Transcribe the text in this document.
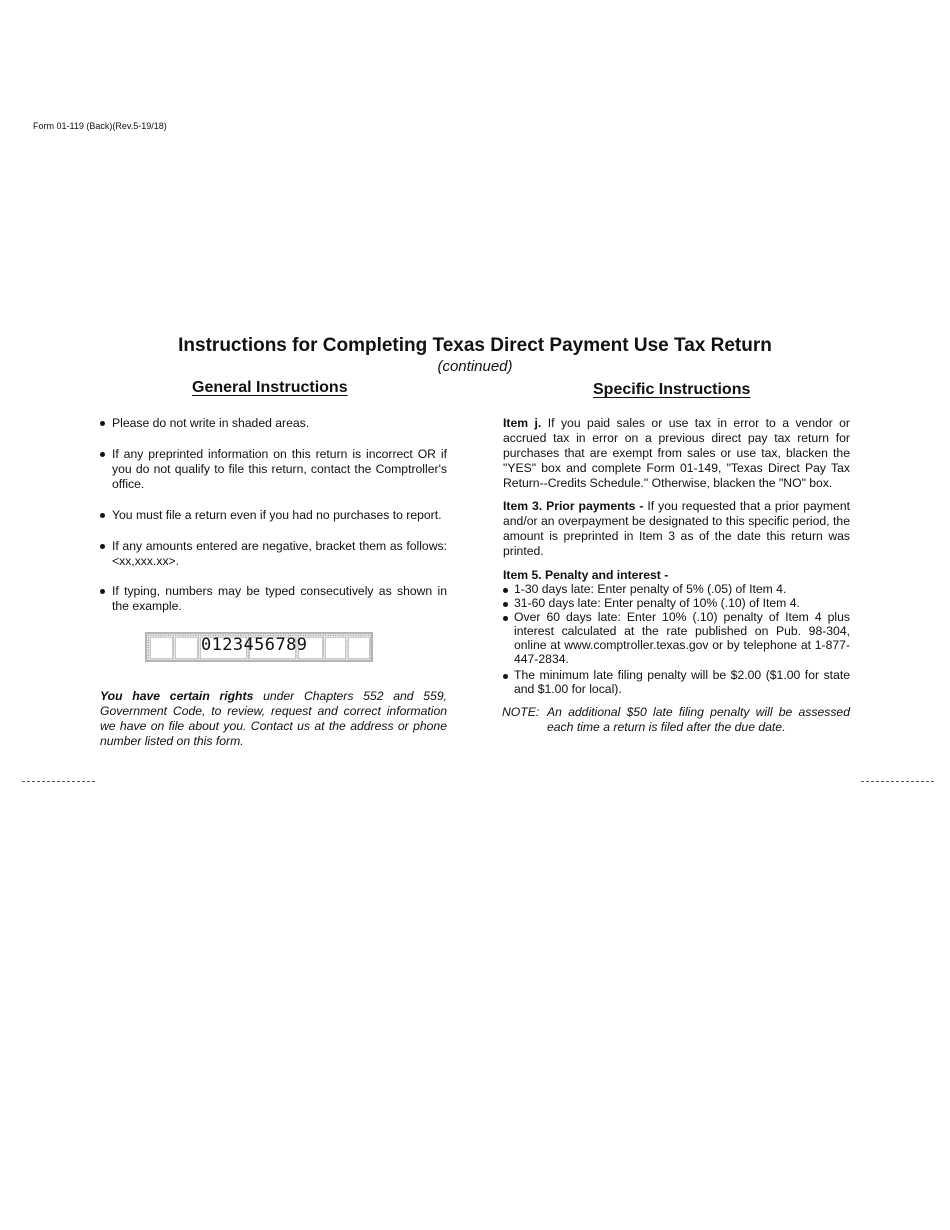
Form 01-119 (Back)(Rev.5-19/18)
Instructions for Completing Texas Direct Payment Use Tax Return
(continued)
General Instructions	Specific Instructions
Please do not write in shaded areas.
If any preprinted information on this return is incorrect OR if you do not qualify to file this return, contact the Comptroller's office.
You must file a return even if you had no purchases to report.
If any amounts entered are negative, bracket them as follows: <xx,xxx.xx>.
If typing, numbers may be typed consecutively as shown in the example.
0123456789
You have certain rights under Chapters 552 and 559, Government Code, to review, request and correct information we have on file about you. Contact us at the address or phone number listed on this form.
Item j. If you paid sales or use tax in error to a vendor or accrued tax in error on a previous direct pay tax return for purchases that are exempt from sales or use tax, blacken the "YES" box and complete Form 01-149, "Texas Direct Pay Tax Return--Credits Schedule." Otherwise, blacken the "NO" box.
Item 3. Prior payments - If you requested that a prior payment and/or an overpayment be designated to this specific period, the amount is preprinted in Item 3 as of the date this return was printed.
Item 5. Penalty and interest -
1-30 days late: Enter penalty of 5% (.05) of Item 4.
31-60 days late: Enter penalty of 10% (.10) of Item 4.
Over 60 days late: Enter 10% (.10) penalty of Item 4 plus interest calculated at the rate published on Pub. 98-304, online at www.comptroller.texas.gov or by telephone at 1-877-447-2834.
The minimum late filing penalty will be $2.00 ($1.00 for state and $1.00 for local).
NOTE: An additional $50 late filing penalty will be assessed each time a return is filed after the due date.
